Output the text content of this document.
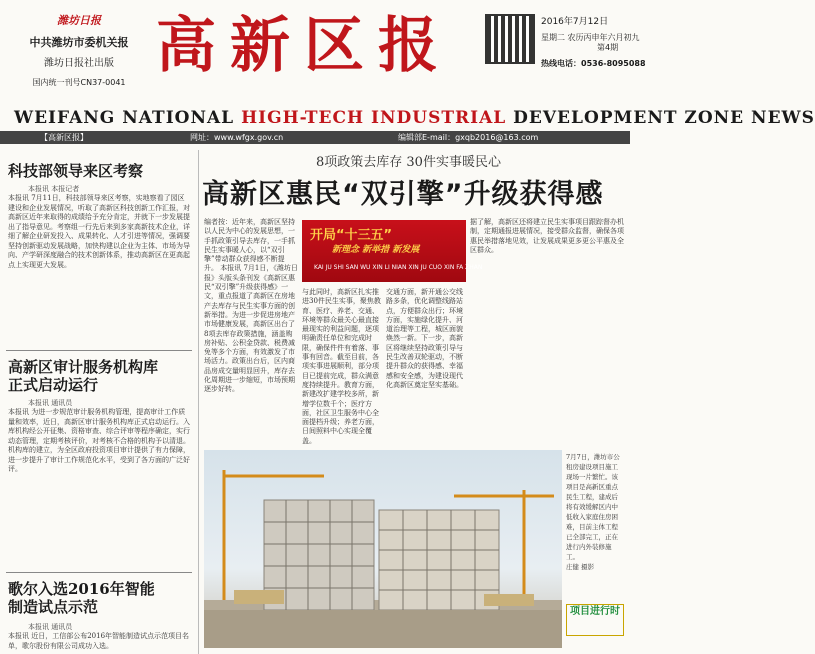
潍坊日报
中共潍坊市委机关报
潍坊日报社出版
国内统一刊号CN37-0041
高新区报	2016年7月12日
星期二 农历丙申年六月初九
第4期
热线电话：0536-8095088
WEIFANG NATIONAL HIGH-TECH INDUSTRIAL DEVELOPMENT ZONE NEWS
【高新区报】	网址：www.wfgx.gov.cn	编辑部E-mail：gxqb2016@163.com
科技部领导来区考察
本报讯 本报记者
本报讯 7月11日，科技部领导来区考察，实地察看了园区建设和企业发展情况，听取了高新区科技创新工作汇报，对高新区近年来取得的成绩给予充分肯定，并就下一步发展提出了指导意见。考察组一行先后来到多家高新技术企业，详细了解企业研发投入、成果转化、人才引进等情况，强调要坚持创新驱动发展战略，加快构建以企业为主体、市场为导向、产学研深度融合的技术创新体系，推动高新区在更高起点上实现更大发展。
高新区审计服务机构库正式启动运行
本报讯 通讯员
本报讯 为进一步规范审计服务机构管理，提高审计工作质量和效率，近日，高新区审计服务机构库正式启动运行。入库机构经公开征集、资格审查、综合评审等程序确定，实行动态管理，定期考核评价，对考核不合格的机构予以清退。机构库的建立，为全区政府投资项目审计提供了有力保障，进一步提升了审计工作规范化水平，受到了各方面的广泛好评。
歌尔入选2016年智能制造试点示范
本报讯 通讯员
本报讯 近日，工信部公布2016年智能制造试点示范项目名单，歌尔股份有限公司成功入选。
8项政策去库存 30件实事暖民心
高新区惠民“双引擎”升级获得感
编者按：近年来，高新区坚持以人民为中心的发展思想，一手抓政策引导去库存，一手抓民生实事暖人心，以“双引擎”带动群众获得感不断提升。 本报讯 7月1日，《潍坊日报》头版头条刊发《高新区惠民“双引擎”升级获得感》一文，重点报道了高新区在房地产去库存与民生实事方面的创新举措。为进一步促进房地产市场健康发展，高新区出台了8项去库存政策措施，涵盖购房补贴、公积金贷款、税费减免等多个方面，有效激发了市场活力。政策出台后，区内商品房成交量明显回升，库存去化周期进一步缩短，市场预期逐步好转。
开局“十三五”
新理念 新举措 新发展
KAI JU SHI SAN WU XIN LI NIAN XIN JU CUO XIN FA ZHAN
与此同时，高新区扎实推进30件民生实事，聚焦教育、医疗、养老、交通、环境等群众最关心最直接最现实的利益问题，逐项明确责任单位和完成时限，确保件件有着落、事事有回音。截至目前，各项实事进展顺利，部分项目已提前完成，群众满意度持续提升。教育方面，新建改扩建学校多所，新增学位数千个；医疗方面，社区卫生服务中心全面提档升级；养老方面，日间照料中心实现全覆盖。
交通方面，新开通公交线路多条，优化调整线路站点，方便群众出行；环境方面，实施绿化提升、河道治理等工程，城区面貌焕然一新。下一步，高新区将继续坚持政策引导与民生改善双轮驱动，不断提升群众的获得感、幸福感和安全感，为建设现代化高新区奠定坚实基础。
据了解，高新区还将建立民生实事项目跟踪督办机制，定期通报进展情况，接受群众监督，确保各项惠民举措落地见效，让发展成果更多更公平惠及全区群众。
7月7日，潍坊市公租房建设项目施工现场一片繁忙。该项目是高新区重点民生工程，建成后将有效缓解区内中低收入家庭住房困难，目前主体工程已全部完工，正在进行内外装修施工。
庄健 摄影
项目进行时
